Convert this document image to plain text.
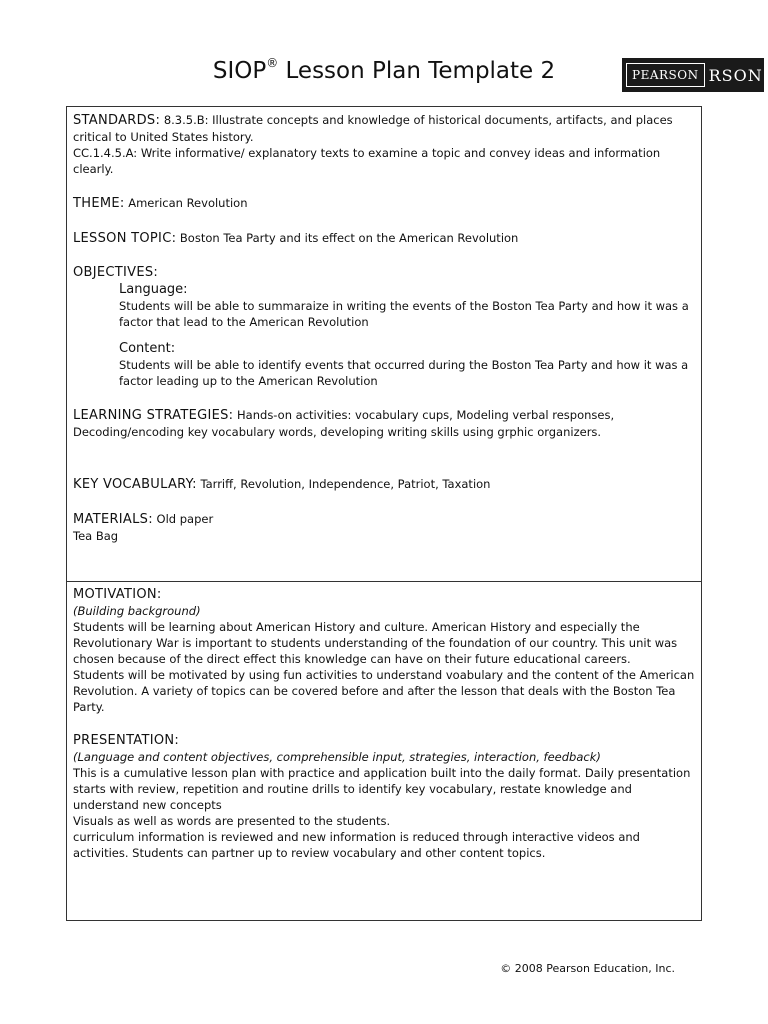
SIOP® Lesson Plan Template 2	PEARSON RSON
STANDARDS: 8.3.5.B: Illustrate concepts and knowledge of historical documents, artifacts, and places critical to United States history.
CC.1.4.5.A: Write informative/ explanatory texts to examine a topic and convey ideas and information clearly.
THEME: American Revolution
LESSON TOPIC: Boston Tea Party and its effect on the American Revolution
OBJECTIVES:
Language:
Students will be able to summaraize in writing the events of the Boston Tea Party and how it was a factor that lead to the American Revolution
Content:
Students will be able to identify events that occurred during the Boston Tea Party and how it was a factor leading up to the American Revolution
LEARNING STRATEGIES: Hands-on activities: vocabulary cups, Modeling verbal responses, Decoding/encoding key vocabulary words, developing writing skills using grphic organizers.
KEY VOCABULARY: Tarriff, Revolution, Independence, Patriot, Taxation
MATERIALS: Old paper
Tea Bag
MOTIVATION:
(Building background)
Students will be learning about American History and culture. American History and especially the Revolutionary War is important to students understanding of the foundation of our country. This unit was chosen because of the direct effect this knowledge can have on their future educational careers.
Students will be motivated by using fun activities to understand voabulary and the content of the American Revolution. A variety of topics can be covered before and after the lesson that deals with the Boston Tea Party.
PRESENTATION:
(Language and content objectives, comprehensible input, strategies, interaction, feedback)
This is a cumulative lesson plan with practice and application built into the daily format. Daily presentation starts with review, repetition and routine drills to identify key vocabulary, restate knowledge and understand new concepts
Visuals as well as words are presented to the students.
curriculum information is reviewed and new information is reduced through interactive videos and activities. Students can partner up to review vocabulary and other content topics.
© 2008 Pearson Education, Inc.
